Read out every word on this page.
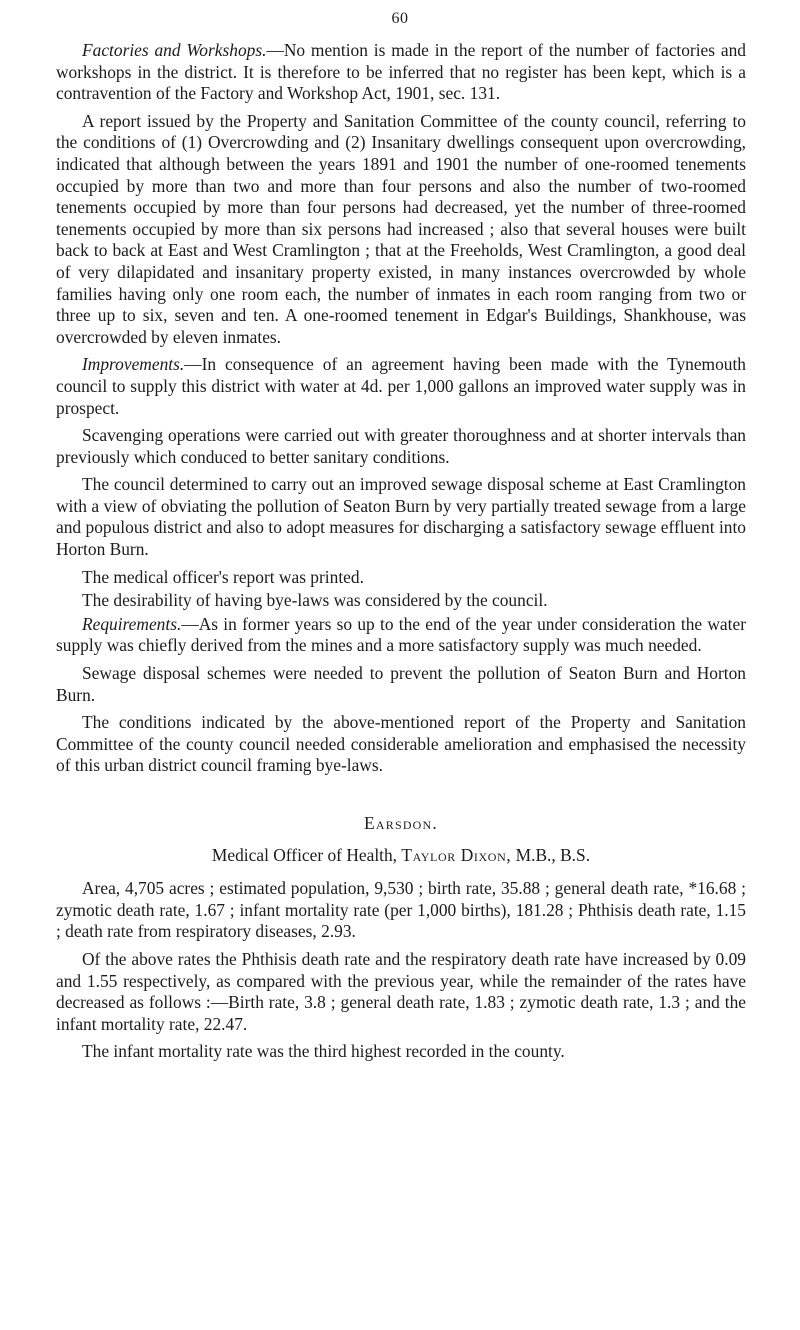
60

Factories and Workshops.—No mention is made in the report of the number of factories and workshops in the district. It is therefore to be inferred that no register has been kept, which is a contravention of the Factory and Workshop Act, 1901, sec. 131.

A report issued by the Property and Sanitation Committee of the county council, referring to the conditions of (1) Overcrowding and (2) Insanitary dwellings consequent upon overcrowding, indicated that although between the years 1891 and 1901 the number of one-roomed tenements occupied by more than two and more than four persons and also the number of two-roomed tenements occupied by more than four persons had decreased, yet the number of three-roomed tenements occupied by more than six persons had increased ; also that several houses were built back to back at East and West Cramlington ; that at the Freeholds, West Cramlington, a good deal of very dilapidated and insanitary property existed, in many instances overcrowded by whole families having only one room each, the number of inmates in each room ranging from two or three up to six, seven and ten. A one-roomed tenement in Edgar's Buildings, Shankhouse, was overcrowded by eleven inmates.

Improvements.—In consequence of an agreement having been made with the Tynemouth council to supply this district with water at 4d. per 1,000 gallons an improved water supply was in prospect.

Scavenging operations were carried out with greater thoroughness and at shorter intervals than previously which conduced to better sanitary conditions.

The council determined to carry out an improved sewage disposal scheme at East Cramlington with a view of obviating the pollution of Seaton Burn by very partially treated sewage from a large and populous district and also to adopt measures for discharging a satisfactory sewage effluent into Horton Burn.

The medical officer's report was printed.

The desirability of having bye-laws was considered by the council.

Requirements.—As in former years so up to the end of the year under consideration the water supply was chiefly derived from the mines and a more satisfactory supply was much needed.

Sewage disposal schemes were needed to prevent the pollution of Seaton Burn and Horton Burn.

The conditions indicated by the above-mentioned report of the Property and Sanitation Committee of the county council needed considerable amelioration and emphasised the necessity of this urban district council framing bye-laws.

Earsdon.
Medical Officer of Health, Taylor Dixon, M.B., B.S.

Area, 4,705 acres ; estimated population, 9,530 ; birth rate, 35.88 ; general death rate, *16.68 ; zymotic death rate, 1.67 ; infant mortality rate (per 1,000 births), 181.28 ; Phthisis death rate, 1.15 ; death rate from respiratory diseases, 2.93.

Of the above rates the Phthisis death rate and the respiratory death rate have increased by 0.09 and 1.55 respectively, as compared with the previous year, while the remainder of the rates have decreased as follows :—Birth rate, 3.8 ; general death rate, 1.83 ; zymotic death rate, 1.3 ; and the infant mortality rate, 22.47.

The infant mortality rate was the third highest recorded in the county.
